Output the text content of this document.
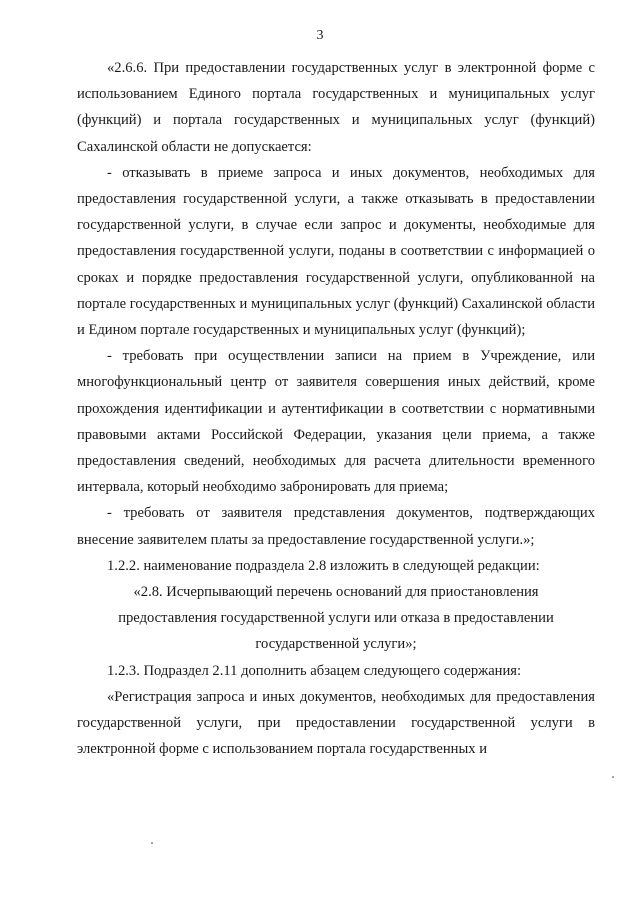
3

«2.6.6. При предоставлении государственных услуг в электронной форме с использованием Единого портала государственных и муниципальных услуг (функций) и портала государственных и муниципальных услуг (функций) Сахалинской области не допускается:

- отказывать в приеме запроса и иных документов, необходимых для предоставления государственной услуги, а также отказывать в предоставлении государственной услуги, в случае если запрос и документы, необходимые для предоставления государственной услуги, поданы в соответствии с информацией о сроках и порядке предоставления государственной услуги, опубликованной на портале государственных и муниципальных услуг (функций) Сахалинской области и Едином портале государственных и муниципальных услуг (функций);

- требовать при осуществлении записи на прием в Учреждение, или многофункциональный центр от заявителя совершения иных действий, кроме прохождения идентификации и аутентификации в соответствии с нормативными правовыми актами Российской Федерации, указания цели приема, а также предоставления сведений, необходимых для расчета длительности временного интервала, который необходимо забронировать для приема;

- требовать от заявителя представления документов, подтверждающих внесение заявителем платы за предоставление государственной услуги.»;

1.2.2. наименование подраздела 2.8 изложить в следующей редакции:

«2.8. Исчерпывающий перечень оснований для приостановления предоставления государственной услуги или отказа в предоставлении государственной услуги»;

1.2.3. Подраздел 2.11 дополнить абзацем следующего содержания:

«Регистрация запроса и иных документов, необходимых для предоставления государственной услуги, при предоставлении государственной услуги в электронной форме с использованием портала государственных и
